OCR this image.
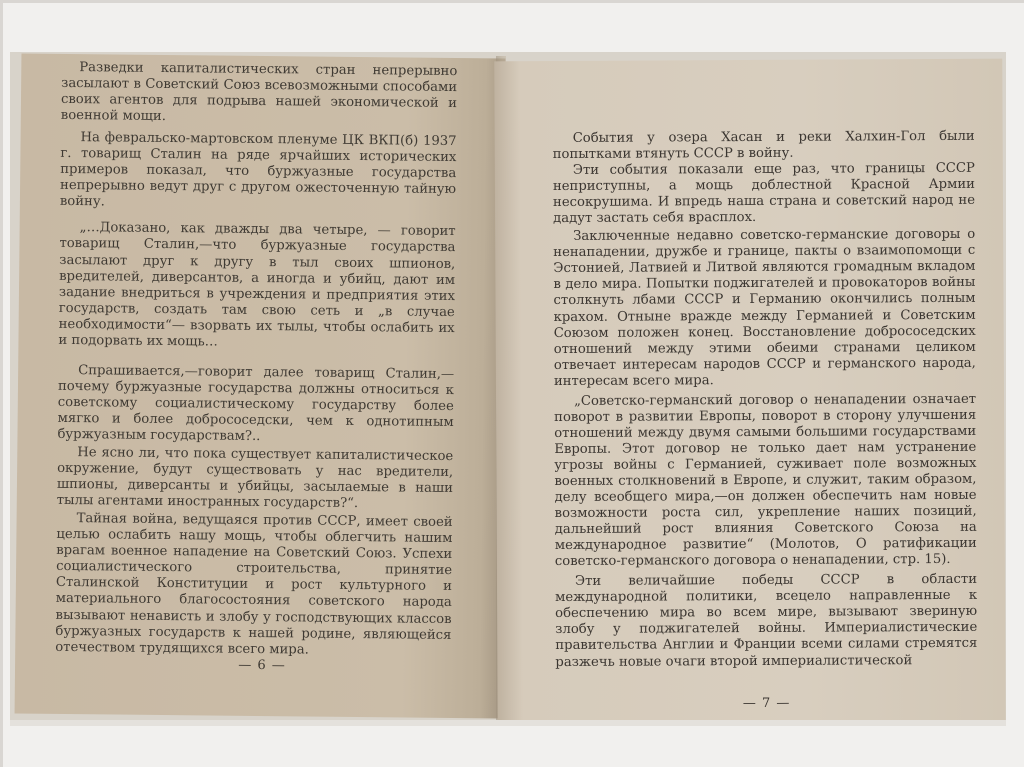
Разведки капиталистических стран непрерывно засылают в Советский Союз всевозможными способами своих агентов для подрыва нашей экономической и военной мощи.

На февральско-мартовском пленуме ЦК ВКП(б) 1937 г. товарищ Сталин на ряде ярчайших исторических примеров показал, что буржуазные государства непрерывно ведут друг с другом ожесточенную тайную войну.

„…Доказано, как дважды два четыре, — говорит товарищ Сталин,—что буржуазные государства засылают друг к другу в тыл своих шпионов, вредителей, диверсантов, а иногда и убийц, дают им задание внедриться в учреждения и предприятия этих государств, создать там свою сеть и „в случае необходимости“— взорвать их тылы, чтобы ослабить их и подорвать их мощь…

Спрашивается,—говорит далее товарищ Сталин,— почему буржуазные государства должны относиться к советскому социалистическому государству более мягко и более добрососедски, чем к однотипным буржуазным государствам?..

Не ясно ли, что пока существует капиталистическое окружение, будут существовать у нас вредители, шпионы, диверсанты и убийцы, засылаемые в наши тылы агентами иностранных государств?“.

Тайная война, ведущаяся против СССР, имеет своей целью ослабить нашу мощь, чтобы облегчить нашим врагам военное нападение на Советский Союз. Успехи социалистического строительства, принятие Сталинской Конституции и рост культурного и материального благосостояния советского народа вызывают ненависть и злобу у господствующих классов буржуазных государств к нашей родине, являющейся отечеством трудящихся всего мира.

— 6 —

События у озера Хасан и реки Халхин-Гол были попытками втянуть СССР в войну.

Эти события показали еще раз, что границы СССР неприступны, а мощь доблестной Красной Армии несокрушима. И впредь наша страна и советский народ не дадут застать себя врасплох.

Заключенные недавно советско-германские договоры о ненападении, дружбе и границе, пакты о взаимопомощи с Эстонией, Латвией и Литвой являются громадным вкладом в дело мира. Попытки поджигателей и провокаторов войны столкнуть лбами СССР и Германию окончились полным крахом. Отныне вражде между Германией и Советским Союзом положен конец. Восстановление добрососедских отношений между этими обеими странами целиком отвечает интересам народов СССР и германского народа, интересам всего мира.

„Советско-германский договор о ненападении означает поворот в развитии Европы, поворот в сторону улучшения отношений между двумя самыми большими государствами Европы. Этот договор не только дает нам устранение угрозы войны с Германией, суживает поле возможных военных столкновений в Европе, и служит, таким образом, делу всеобщего мира,—он должен обеспечить нам новые возможности роста сил, укрепление наших позиций, дальнейший рост влияния Советского Союза на международное развитие“ (Молотов, О ратификации советско-германского договора о ненападении, стр. 15).

Эти величайшие победы СССР в области международной политики, всецело направленные к обеспечению мира во всем мире, вызывают звериную злобу у поджигателей войны. Империалистические правительства Англии и Франции всеми силами стремятся разжечь новые очаги второй империалистической

— 7 —
